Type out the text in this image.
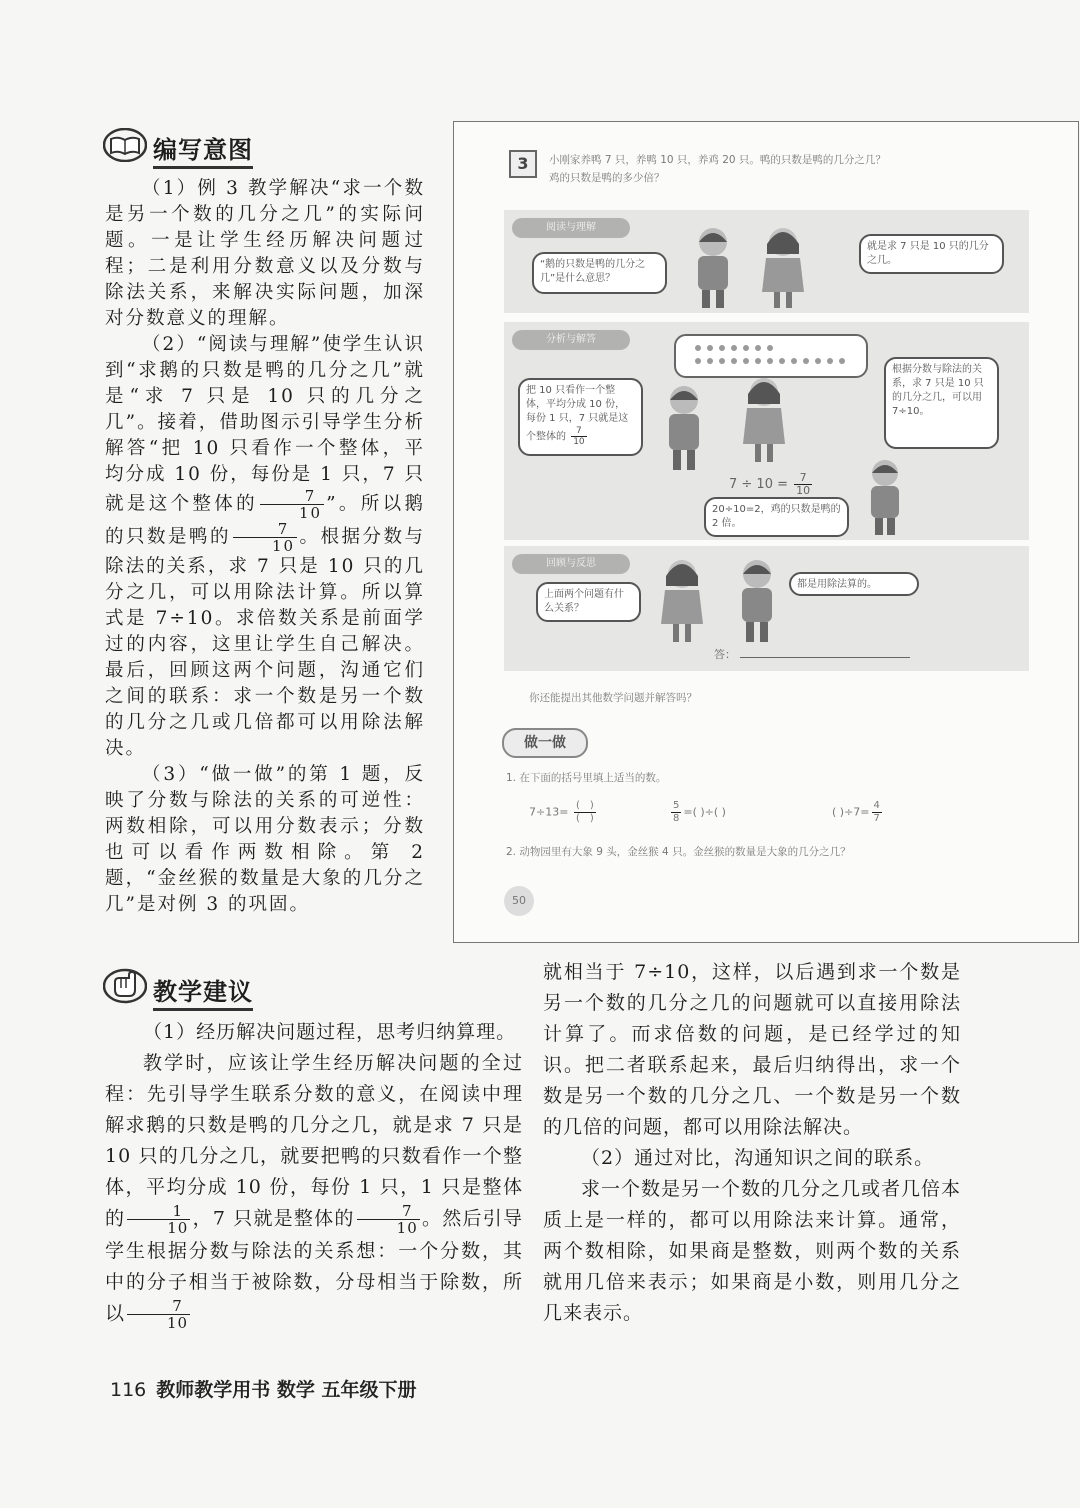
编写意图

（1）例 3 教学解决“求一个数是另一个数的几分之几”的实际问题。一是让学生经历解决问题过程；二是利用分数意义以及分数与除法关系，来解决实际问题，加深对分数意义的理解。

（2）“阅读与理解”使学生认识到“求鹅的只数是鸭的几分之几”就是“求 7 只是 10 只的几分之几”。接着，借助图示引导学生分析解答“把 10 只看作一个整体，平均分成 10 份，每份是 1 只，7 只就是这个整体的 $\frac{7}{10}$ ”。所以鹅的只数是鸭的 $\frac{7}{10}$ 。根据分数与除法的关系，求 7 只是 10 只的几分之几，可以用除法计算。所以算式是 7÷10。求倍数关系是前面学过的内容，这里让学生自己解决。最后，回顾这两个问题，沟通它们之间的联系：求一个数是另一个数的几分之几或几倍都可以用除法解决。

（3）“做一做”的第 1 题，反映了分数与除法的关系的可逆性：两数相除，可以用分数表示；分数也可以看作两数相除。第 2 题，“金丝猴的数量是大象的几分之几”是对例 3 的巩固。

3	小刚家养鸭 7 只，养鸭 10 只，养鸡 20 只。鸭的只数是鸭的几分之几？
鸡的只数是鸭的多少倍？
阅读与理解
“鹅的只数是鸭的几分之几”是什么意思？
就是求 7 只是 10 只的几分之几。
分析与解答
把 10 只看作一个整体，平均分成 10 份，每份 1 只，7 只就是这个整体的 $\frac{7}{10}$
根据分数与除法的关系，求 7 只是 10 只的几分之几，可以用 7÷10。
$7 \div 10 = \frac{7}{10}$
20÷10=2，鸡的只数是鸭的 2 倍。
回顾与反思
上面两个问题有什么关系？
都是用除法算的。
答：
你还能提出其他数学问题并解答吗？
做一做
1. 在下面的括号里填上适当的数。
$7\div 13= \frac{( )}{( )}$	$\frac{5}{8}$ =( )÷( )	( )$\div 7= \frac{4}{7}$
2. 动物园里有大象 9 头，金丝猴 4 只。金丝猴的数量是大象的几分之几？
50
教学建议

（1）经历解决问题过程，思考归纳算理。

教学时，应该让学生经历解决问题的全过程：先引导学生联系分数的意义，在阅读中理解求鹅的只数是鸭的几分之几，就是求 7 只是 10 只的几分之几，就要把鸭的只数看作一个整体，平均分成 10 份，每份 1 只，1 只是整体的 $\frac{1}{10}$ ，7 只就是整体的 $\frac{7}{10}$ 。然后引导学生根据分数与除法的关系想：一个分数，其中的分子相当于被除数，分母相当于除数，所以 $\frac{7}{10}$

就相当于 7÷10，这样，以后遇到求一个数是另一个数的几分之几的问题就可以直接用除法计算了。而求倍数的问题，是已经学过的知识。把二者联系起来，最后归纳得出，求一个数是另一个数的几分之几、一个数是另一个数的几倍的问题，都可以用除法解决。

（2）通过对比，沟通知识之间的联系。

求一个数是另一个数的几分之几或者几倍本质上是一样的，都可以用除法来计算。通常，两个数相除，如果商是整数，则两个数的关系就用几倍来表示；如果商是小数，则用几分之几来表示。

116 教师教学用书 数学 五年级下册
